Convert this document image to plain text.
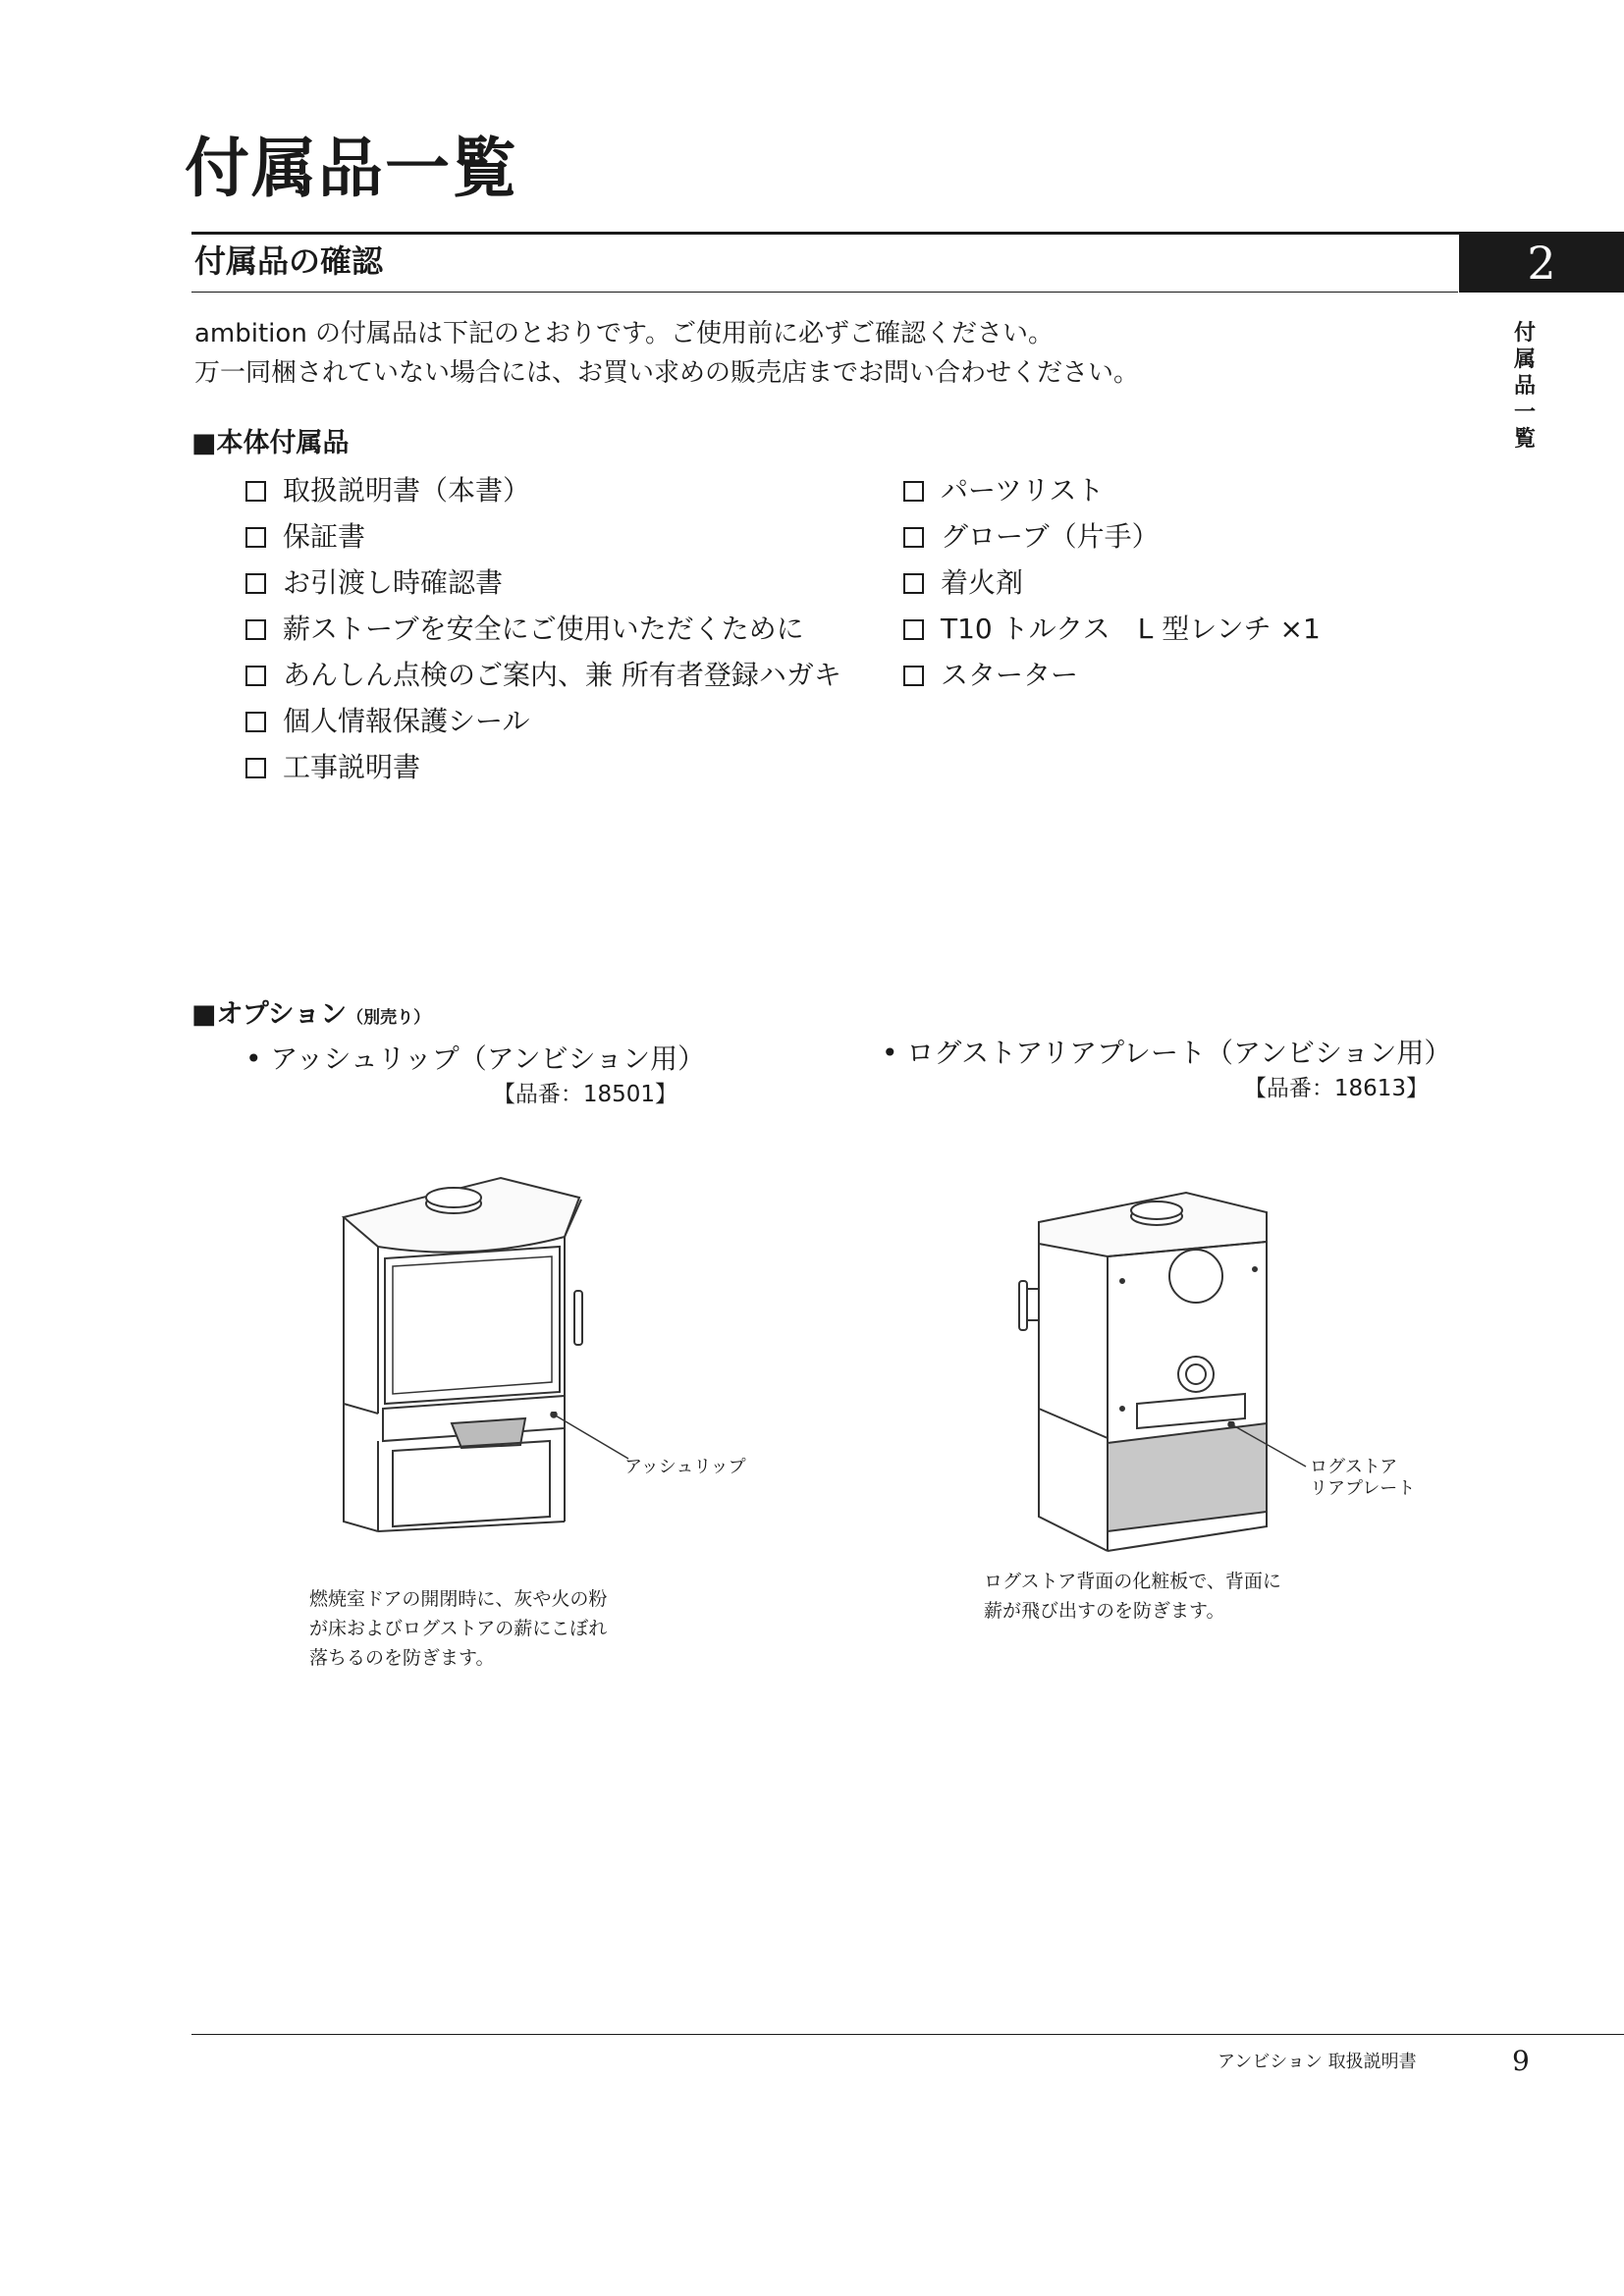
付属品一覧
付属品の確認	2
付属品一覧
ambition の付属品は下記のとおりです。ご使用前に必ずご確認ください。
万一同梱されていない場合には、お買い求めの販売店までお問い合わせください。
■本体付属品
取扱説明書（本書）
保証書
お引渡し時確認書
薪ストーブを安全にご使用いただくために
あんしん点検のご案内、兼 所有者登録ハガキ
個人情報保護シール
工事説明書
パーツリスト
グローブ（片手）
着火剤
T10 トルクス　L 型レンチ ×1
スターター
■オプション（別売り）
• アッシュリップ（アンビション用）
【品番：18501】
• ログストアリアプレート（アンビション用）
【品番：18613】
アッシュリップ
燃焼室ドアの開閉時に、灰や火の粉
が床およびログストアの薪にこぼれ
落ちるのを防ぎます。
ログストア
リアプレート
ログストア背面の化粧板で、背面に
薪が飛び出すのを防ぎます。
アンビション 取扱説明書	9
